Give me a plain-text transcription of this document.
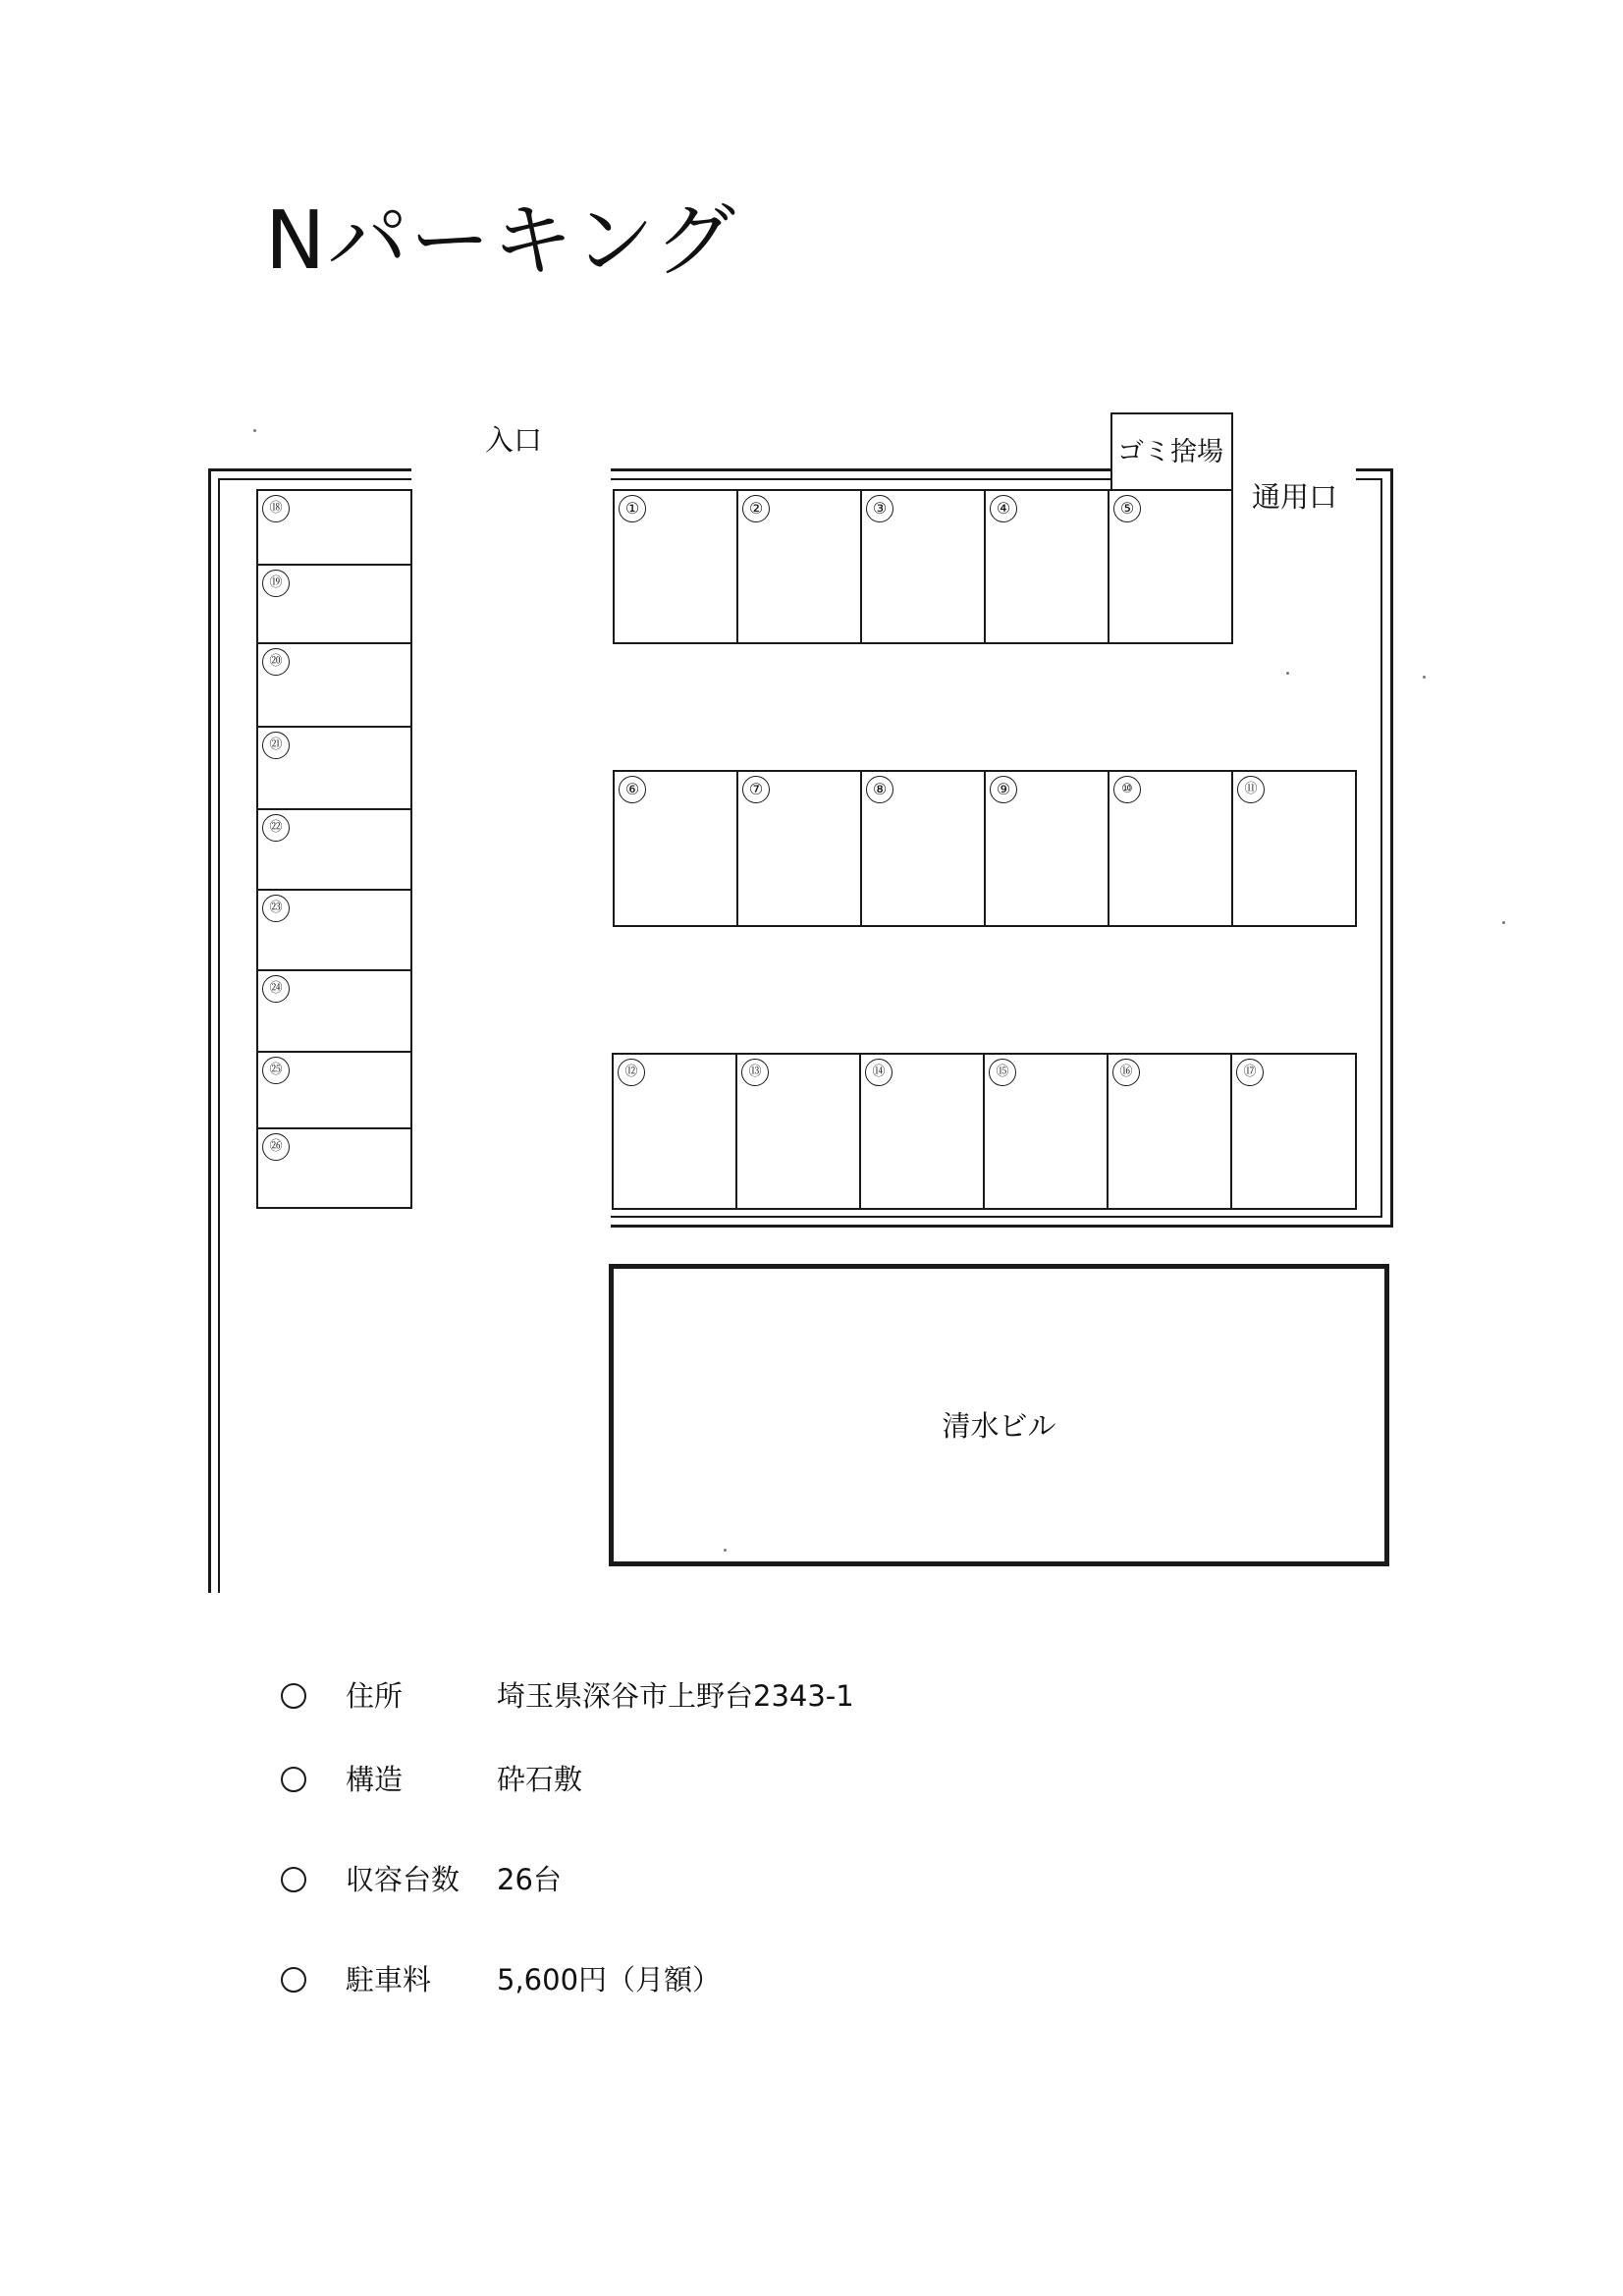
Nパーキング
入口
通用口
ゴミ捨場
①	②	③	④	⑤
⑥	⑦	⑧	⑨	⑩	⑪
⑫	⑬	⑭	⑮	⑯	⑰
⑱
⑲
⑳
㉑
㉒
㉓
㉔
㉕
㉖
清水ビル
住所	埼玉県深谷市上野台2343-1
構造	砕石敷
収容台数 26台
駐車料 5,600円（月額）
